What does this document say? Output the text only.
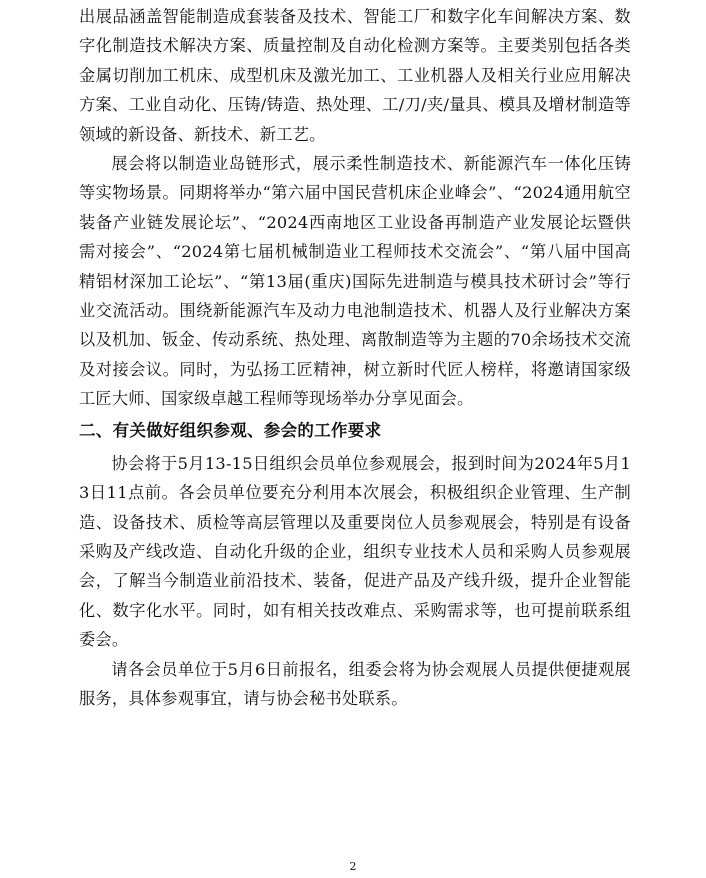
出展品涵盖智能制造成套装备及技术、智能工厂和数字化车间解决方案、数字化制造技术解决方案、质量控制及自动化检测方案等。主要类别包括各类金属切削加工机床、成型机床及激光加工、工业机器人及相关行业应用解决方案、工业自动化、压铸/铸造、热处理、工/刀/夹/量具、模具及增材制造等领域的新设备、新技术、新工艺。

展会将以制造业岛链形式，展示柔性制造技术、新能源汽车一体化压铸等实物场景。同期将举办“第六届中国民营机床企业峰会”、“2024通用航空装备产业链发展论坛”、“2024西南地区工业设备再制造产业发展论坛暨供需对接会”、“2024第七届机械制造业工程师技术交流会”、“第八届中国高精铝材深加工论坛”、“第13届(重庆)国际先进制造与模具技术研讨会”等行业交流活动。围绕新能源汽车及动力电池制造技术、机器人及行业解决方案以及机加、钣金、传动系统、热处理、离散制造等为主题的70余场技术交流及对接会议。同时，为弘扬工匠精神，树立新时代匠人榜样，将邀请国家级工匠大师、国家级卓越工程师等现场举办分享见面会。

二、有关做好组织参观、参会的工作要求

协会将于5月13-15日组织会员单位参观展会，报到时间为2024年5月13日11点前。各会员单位要充分利用本次展会，积极组织企业管理、生产制造、设备技术、质检等高层管理以及重要岗位人员参观展会，特别是有设备采购及产线改造、自动化升级的企业，组织专业技术人员和采购人员参观展会，了解当今制造业前沿技术、装备，促进产品及产线升级，提升企业智能化、数字化水平。同时，如有相关技改难点、采购需求等，也可提前联系组委会。

请各会员单位于5月6日前报名，组委会将为协会观展人员提供便捷观展服务，具体参观事宜，请与协会秘书处联系。

2
